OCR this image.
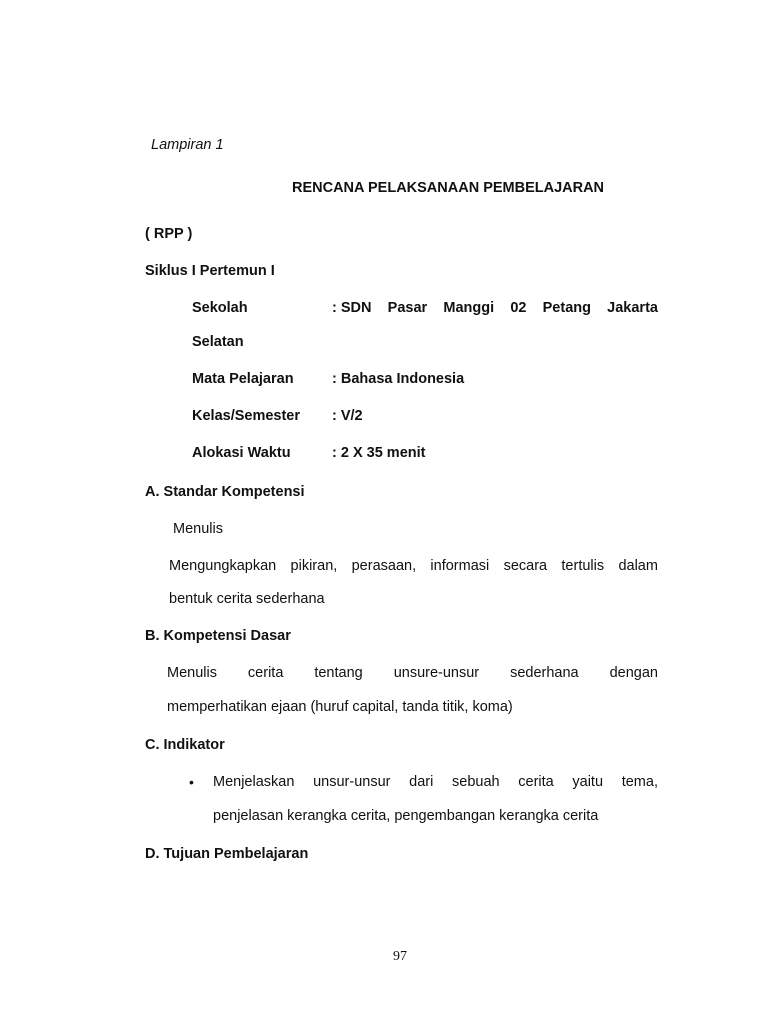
Lampiran 1
RENCANA PELAKSANAAN PEMBELAJARAN
( RPP )
Siklus I Pertemun I
Sekolah	: SDN Pasar Manggi 02 Petang Jakarta
Selatan
Mata Pelajaran	: Bahasa Indonesia
Kelas/Semester : V/2
Alokasi Waktu	: 2 X 35 menit
A. Standar Kompetensi
Menulis
Mengungkapkan pikiran, perasaan, informasi secara tertulis dalam
bentuk cerita sederhana
B. Kompetensi Dasar
Menulis cerita tentang unsure-unsur sederhana dengan
memperhatikan ejaan (huruf capital, tanda titik, koma)
C. Indikator
• Menjelaskan unsur-unsur dari sebuah cerita yaitu tema,
penjelasan kerangka cerita, pengembangan kerangka cerita
D. Tujuan Pembelajaran
97
